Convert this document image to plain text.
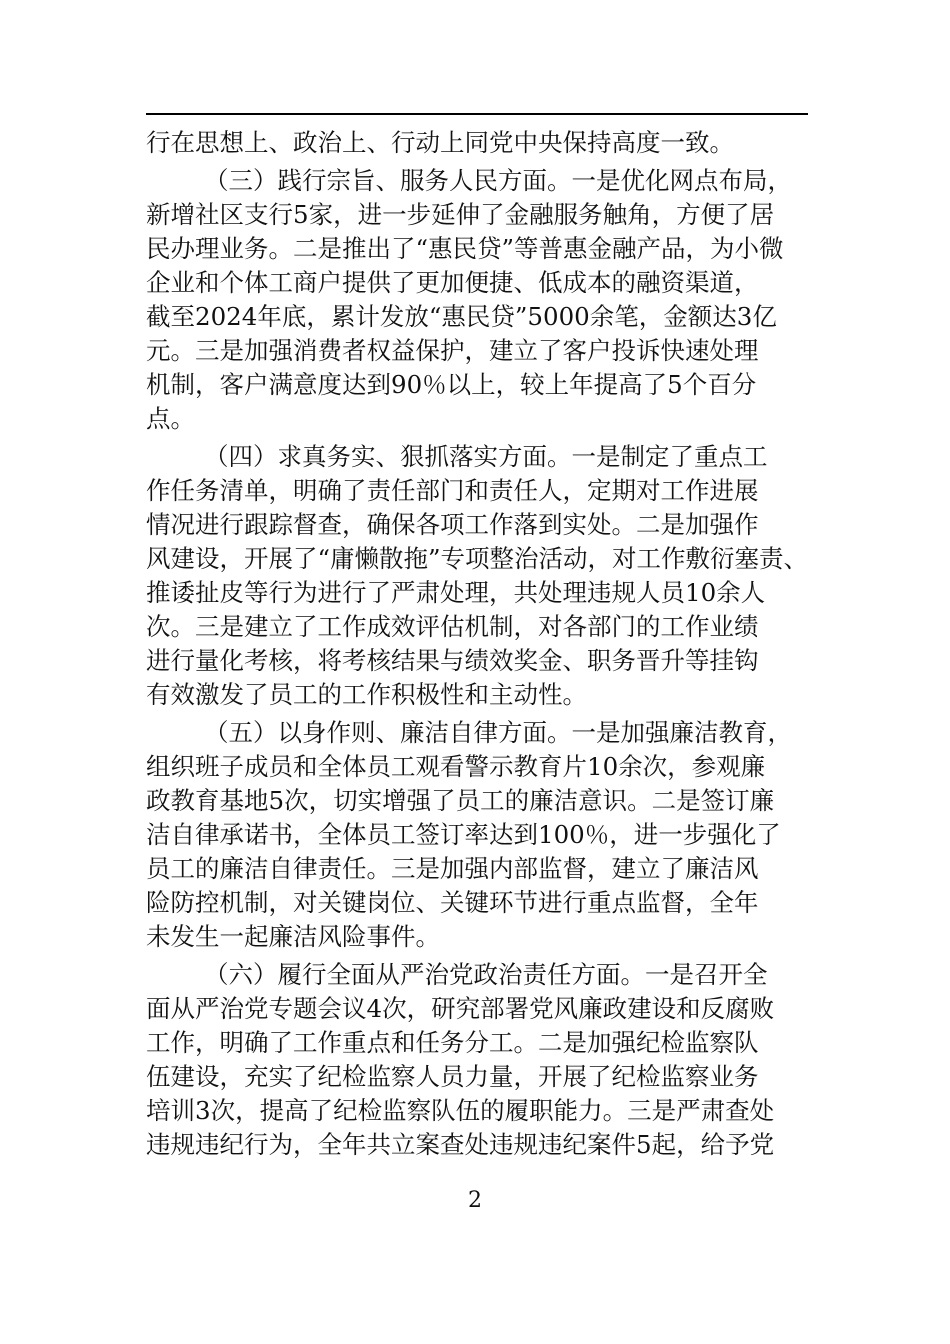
行在思想上、政治上、行动上同党中央保持高度一致。
（三）践行宗旨、服务人民方面。一是优化网点布局，
新增社区支行5家，进一步延伸了金融服务触角，方便了居
民办理业务。二是推出了“惠民贷”等普惠金融产品，为小微
企业和个体工商户提供了更加便捷、低成本的融资渠道，
截至2024年底，累计发放“惠民贷”5000余笔，金额达3亿
元。三是加强消费者权益保护，建立了客户投诉快速处理
机制，客户满意度达到90％以上，较上年提高了5个百分
点。
（四）求真务实、狠抓落实方面。一是制定了重点工
作任务清单，明确了责任部门和责任人，定期对工作进展
情况进行跟踪督查，确保各项工作落到实处。二是加强作
风建设，开展了“庸懒散拖”专项整治活动，对工作敷衍塞责、
推诿扯皮等行为进行了严肃处理，共处理违规人员10余人
次。三是建立了工作成效评估机制，对各部门的工作业绩
进行量化考核，将考核结果与绩效奖金、职务晋升等挂钩
有效激发了员工的工作积极性和主动性。
（五）以身作则、廉洁自律方面。一是加强廉洁教育，
组织班子成员和全体员工观看警示教育片10余次，参观廉
政教育基地5次，切实增强了员工的廉洁意识。二是签订廉
洁自律承诺书，全体员工签订率达到100％，进一步强化了
员工的廉洁自律责任。三是加强内部监督，建立了廉洁风
险防控机制，对关键岗位、关键环节进行重点监督，全年
未发生一起廉洁风险事件。
（六）履行全面从严治党政治责任方面。一是召开全
面从严治党专题会议4次，研究部署党风廉政建设和反腐败
工作，明确了工作重点和任务分工。二是加强纪检监察队
伍建设，充实了纪检监察人员力量，开展了纪检监察业务
培训3次，提高了纪检监察队伍的履职能力。三是严肃查处
违规违纪行为，全年共立案查处违规违纪案件5起，给予党
2
